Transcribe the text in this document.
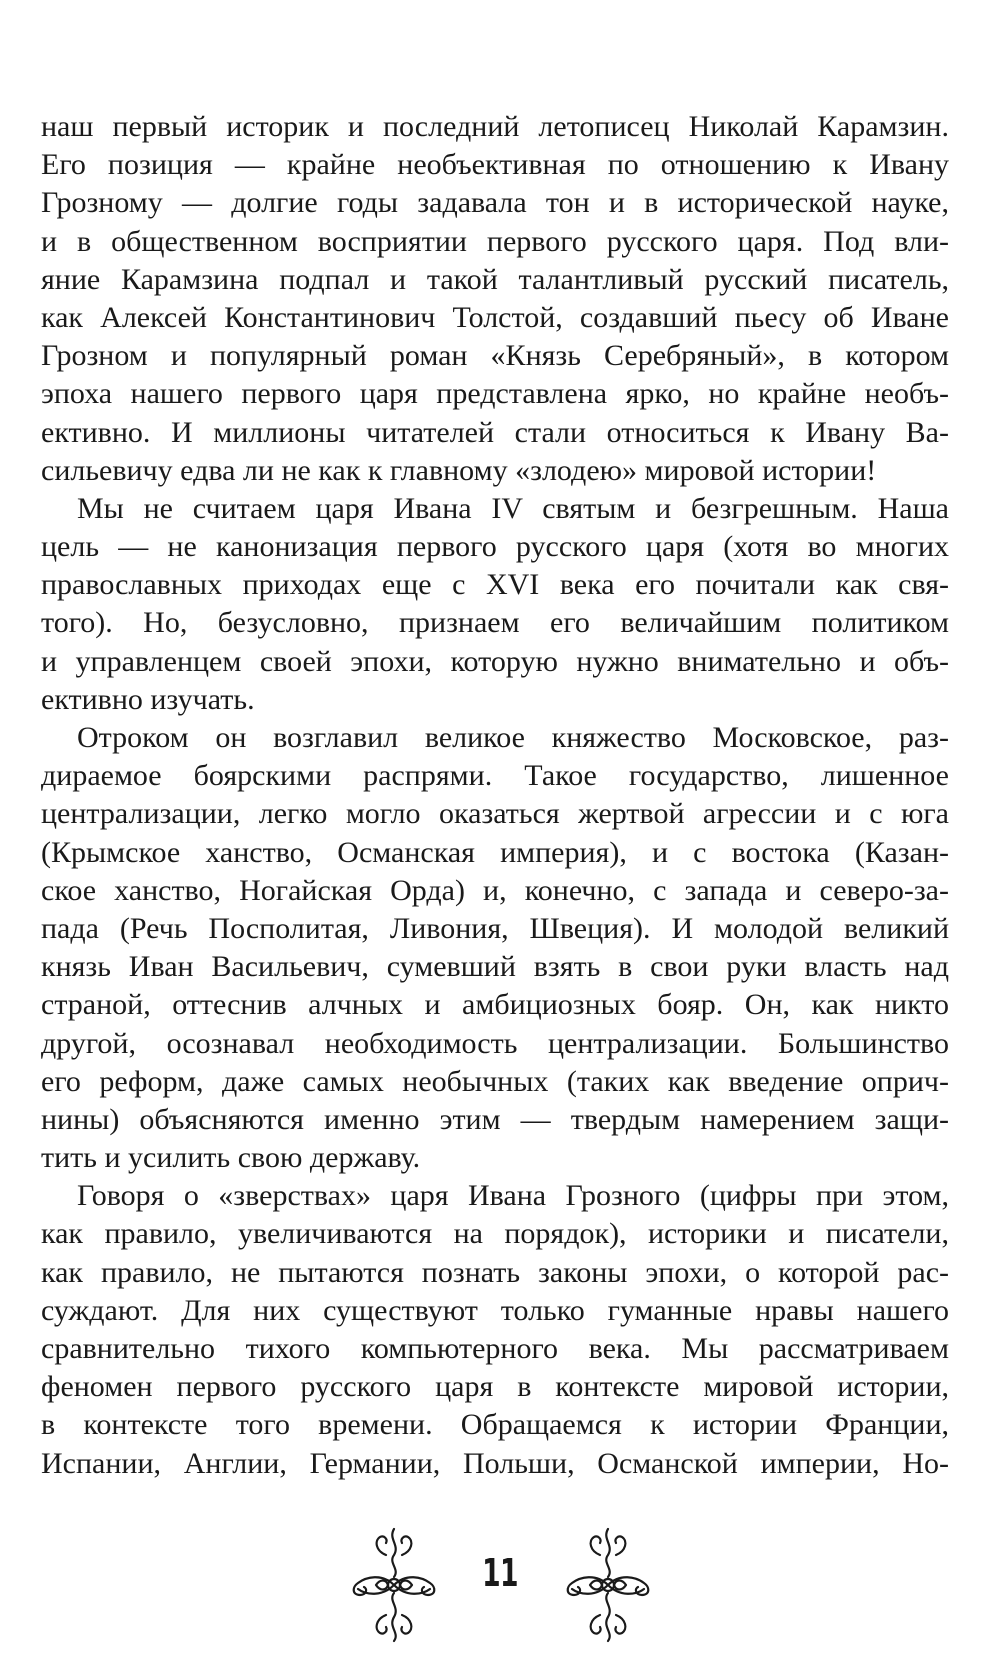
наш первый историк и последний летописец Николай Карамзин.
Его позиция — крайне необъективная по отношению к Ивану
Грозному — долгие годы задавала тон и в исторической науке,
и в общественном восприятии первого русского царя. Под вли-
яние Карамзина подпал и такой талантливый русский писатель,
как Алексей Константинович Толстой, создавший пьесу об Иване
Грозном и популярный роман «Князь Серебряный», в котором
эпоха нашего первого царя представлена ярко, но крайне необъ-
ективно. И миллионы читателей стали относиться к Ивану Ва-
сильевичу едва ли не как к главному «злодею» мировой истории!
Мы не считаем царя Ивана IV святым и безгрешным. Наша
цель — не канонизация первого русского царя (хотя во многих
православных приходах еще с XVI века его почитали как свя-
того). Но, безусловно, признаем его величайшим политиком
и управленцем своей эпохи, которую нужно внимательно и объ-
ективно изучать.
Отроком он возглавил великое княжество Московское, раз-
дираемое боярскими распрями. Такое государство, лишенное
централизации, легко могло оказаться жертвой агрессии и с юга
(Крымское ханство, Османская империя), и с востока (Казан-
ское ханство, Ногайская Орда) и, конечно, с запада и северо-за-
пада (Речь Посполитая, Ливония, Швеция). И молодой великий
князь Иван Васильевич, сумевший взять в свои руки власть над
страной, оттеснив алчных и амбициозных бояр. Он, как никто
другой, осознавал необходимость централизации. Большинство
его реформ, даже самых необычных (таких как введение оприч-
нины) объясняются именно этим — твердым намерением защи-
тить и усилить свою державу.
Говоря о «зверствах» царя Ивана Грозного (цифры при этом,
как правило, увеличиваются на порядок), историки и писатели,
как правило, не пытаются познать законы эпохи, о которой рас-
суждают. Для них существуют только гуманные нравы нашего
сравнительно тихого компьютерного века. Мы рассматриваем
феномен первого русского царя в контексте мировой истории,
в контексте того времени. Обращаемся к истории Франции,
Испании, Англии, Германии, Польши, Османской империи, Но-
11
